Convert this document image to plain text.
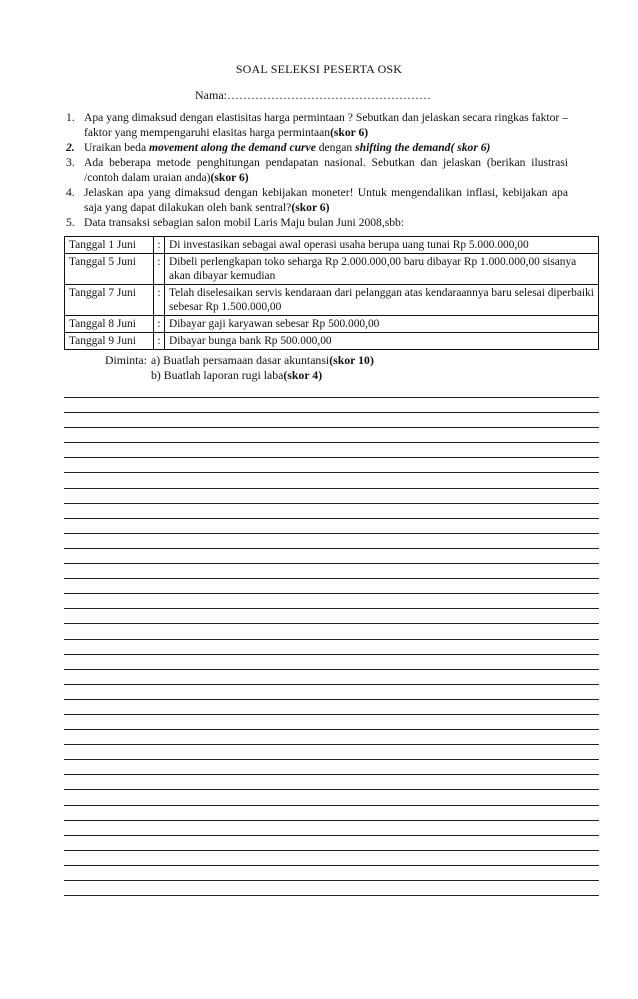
SOAL SELEKSI PESERTA OSK
Nama:……………………………………………
1. Apa yang dimaksud dengan elastisitas harga permintaan ? Sebutkan dan jelaskan secara ringkas faktor – faktor yang mempengaruhi elasitas harga permintaan(skor 6)
2. Uraikan beda movement along the demand curve dengan shifting the demand( skor 6)
3. Ada beberapa metode penghitungan pendapatan nasional. Sebutkan dan jelaskan (berikan ilustrasi /contoh dalam uraian anda)(skor 6)
4. Jelaskan apa yang dimaksud dengan kebijakan moneter! Untuk mengendalikan inflasi, kebijakan apa saja yang dapat dilakukan oleh bank sentral?(skor 6)
5. Data transaksi sebagian salon mobil Laris Maju bulan Juni 2008,sbb:
Tanggal 1 Juni	:	Di investasikan sebagai awal operasi usaha berupa uang tunai Rp 5.000.000,00
Tanggal 5 Juni	:	Dibeli perlengkapan toko seharga Rp 2.000.000,00 baru dibayar Rp 1.000.000,00 sisanya akan dibayar kemudian
Tanggal 7 Juni	:	Telah diselesaikan servis kendaraan dari pelanggan atas kendaraannya baru selesai diperbaiki sebesar Rp 1.500.000,00
Tanggal 8 Juni	:	Dibayar gaji karyawan sebesar Rp 500.000,00
Tanggal 9 Juni	:	Dibayar bunga bank Rp 500.000,00
Diminta: a) Buatlah persamaan dasar akuntansi(skor 10)
b) Buatlah laporan rugi laba(skor 4)
